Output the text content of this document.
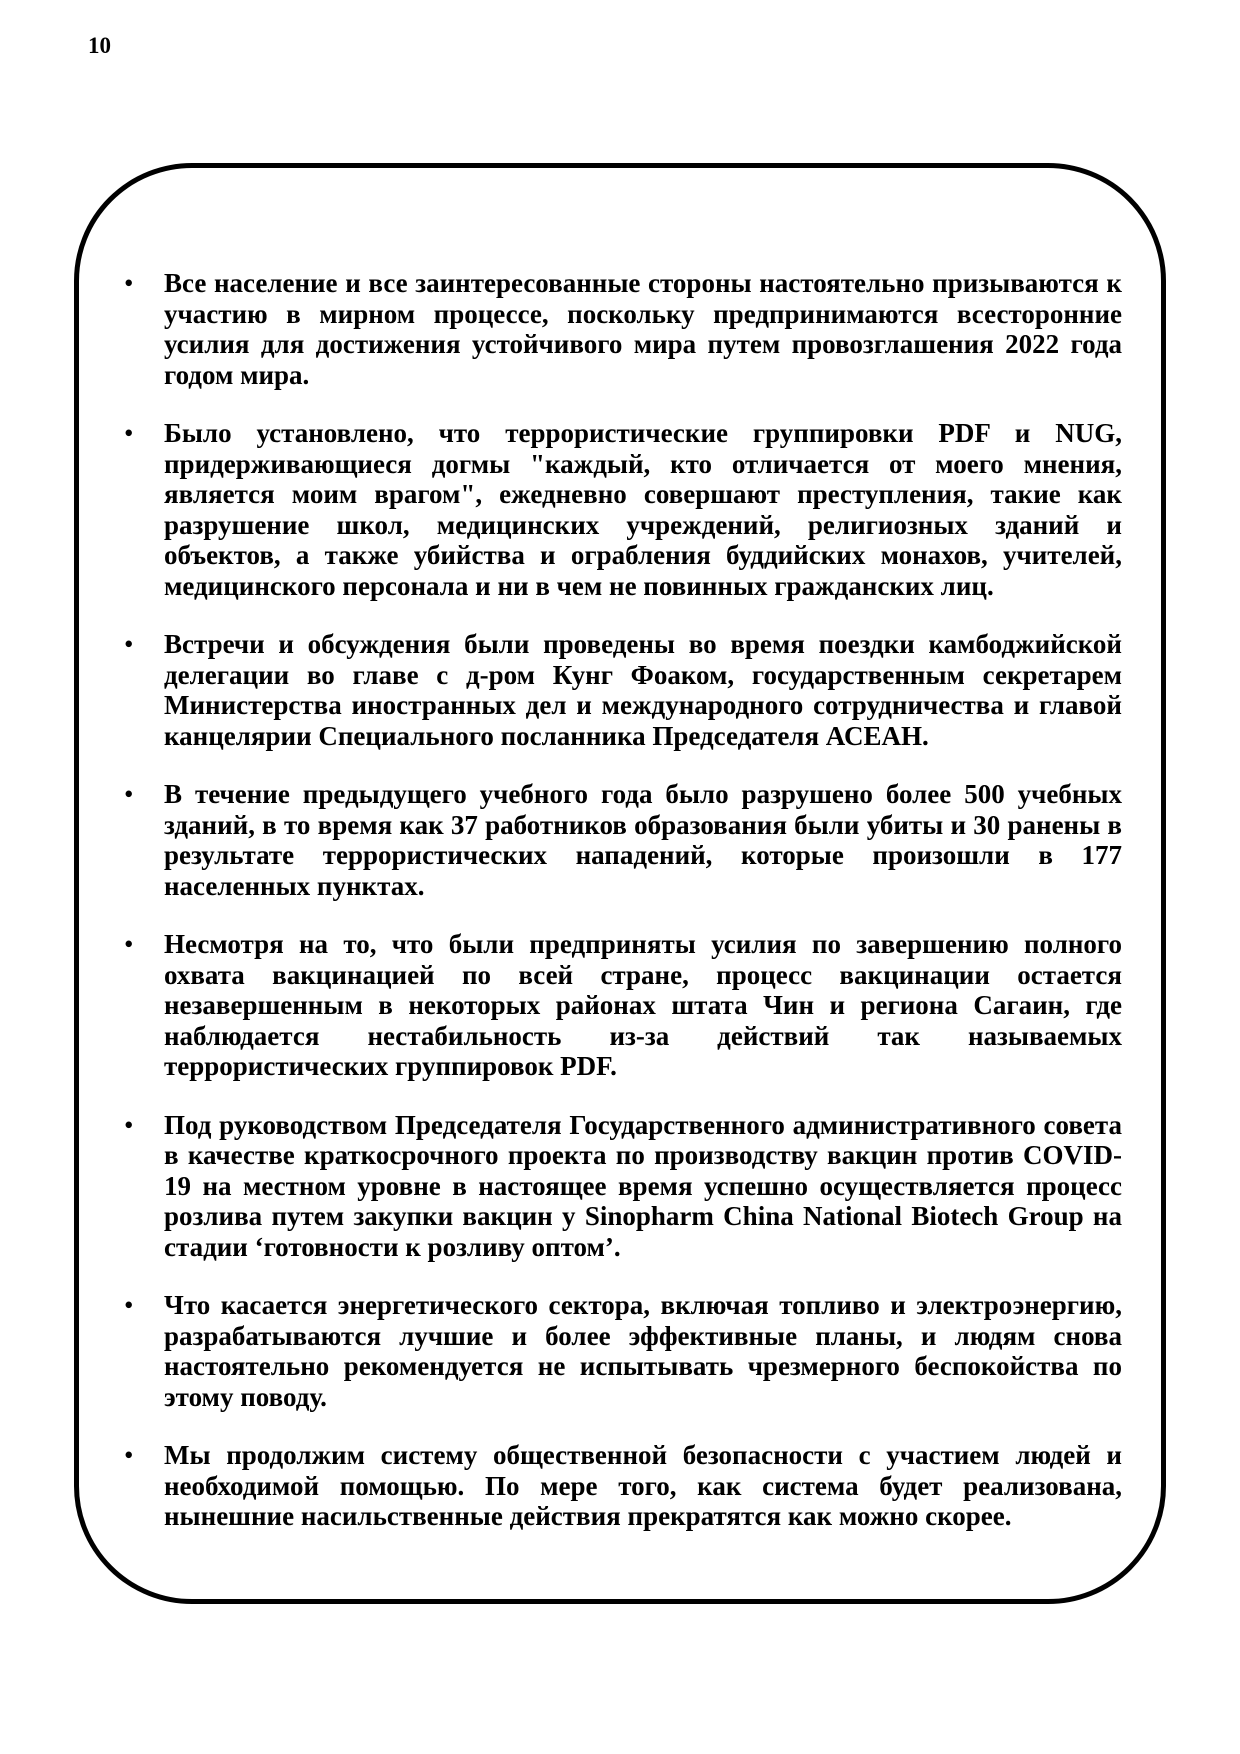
10
• Все население и все заинтересованные стороны настоятельно призываются к участию в мирном процессе, поскольку предпринимаются всесторонние усилия для достижения устойчивого мира путем провозглашения 2022 года годом мира.
• Было установлено, что террористические группировки PDF и NUG, придерживающиеся догмы "каждый, кто отличается от моего мнения, является моим врагом", ежедневно совершают преступления, такие как разрушение школ, медицинских учреждений, религиозных зданий и объектов, а также убийства и ограбления буддийских монахов, учителей, медицинского персонала и ни в чем не повинных гражданских лиц.
• Встречи и обсуждения были проведены во время поездки камбоджийской делегации во главе с д-ром Кунг Фоаком, государственным секретарем Министерства иностранных дел и международного сотрудничества и главой канцелярии Специального посланника Председателя АСЕАН.
• В течение предыдущего учебного года было разрушено более 500 учебных зданий, в то время как 37 работников образования были убиты и 30 ранены в результате террористических нападений, которые произошли в 177 населенных пунктах.
• Несмотря на то, что были предприняты усилия по завершению полного охвата вакцинацией по всей стране, процесс вакцинации остается незавершенным в некоторых районах штата Чин и региона Сагаин, где наблюдается нестабильность из-за действий так называемых террористических группировок PDF.
• Под руководством Председателя Государственного административного совета в качестве краткосрочного проекта по производству вакцин против COVID-19 на местном уровне в настоящее время успешно осуществляется процесс розлива путем закупки вакцин у Sinopharm China National Biotech Group на стадии ‘готовности к розливу оптом’.
• Что касается энергетического сектора, включая топливо и электроэнергию, разрабатываются лучшие и более эффективные планы, и людям снова настоятельно рекомендуется не испытывать чрезмерного беспокойства по этому поводу.
• Мы продолжим систему общественной безопасности с участием людей и необходимой помощью. По мере того, как система будет реализована, нынешние насильственные действия прекратятся как можно скорее.
